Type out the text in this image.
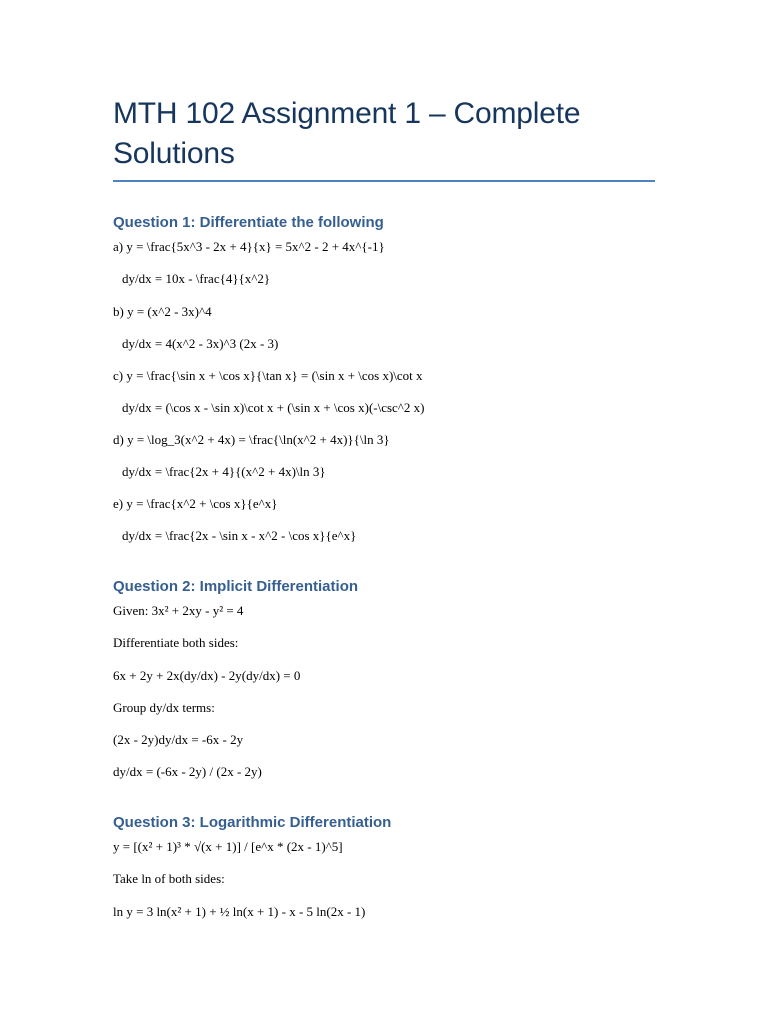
MTH 102 Assignment 1 – Complete Solutions
Question 1: Differentiate the following

a) y = \frac{5x^3 - 2x + 4}{x} = 5x^2 - 2 + 4x^{-1}

dy/dx = 10x - \frac{4}{x^2}

b) y = (x^2 - 3x)^4

dy/dx = 4(x^2 - 3x)^3 (2x - 3)

c) y = \frac{\sin x + \cos x}{\tan x} = (\sin x + \cos x)\cot x

dy/dx = (\cos x - \sin x)\cot x + (\sin x + \cos x)(-\csc^2 x)

d) y = \log_3(x^2 + 4x) = \frac{\ln(x^2 + 4x)}{\ln 3}

dy/dx = \frac{2x + 4}{(x^2 + 4x)\ln 3}

e) y = \frac{x^2 + \cos x}{e^x}

dy/dx = \frac{2x - \sin x - x^2 - \cos x}{e^x}

Question 2: Implicit Differentiation

Given: 3x² + 2xy - y² = 4

Differentiate both sides:

6x + 2y + 2x(dy/dx) - 2y(dy/dx) = 0

Group dy/dx terms:

(2x - 2y)dy/dx = -6x - 2y

dy/dx = (-6x - 2y) / (2x - 2y)

Question 3: Logarithmic Differentiation

y = [(x² + 1)³ * √(x + 1)] / [e^x * (2x - 1)^5]

Take ln of both sides:

ln y = 3 ln(x² + 1) + ½ ln(x + 1) - x - 5 ln(2x - 1)
